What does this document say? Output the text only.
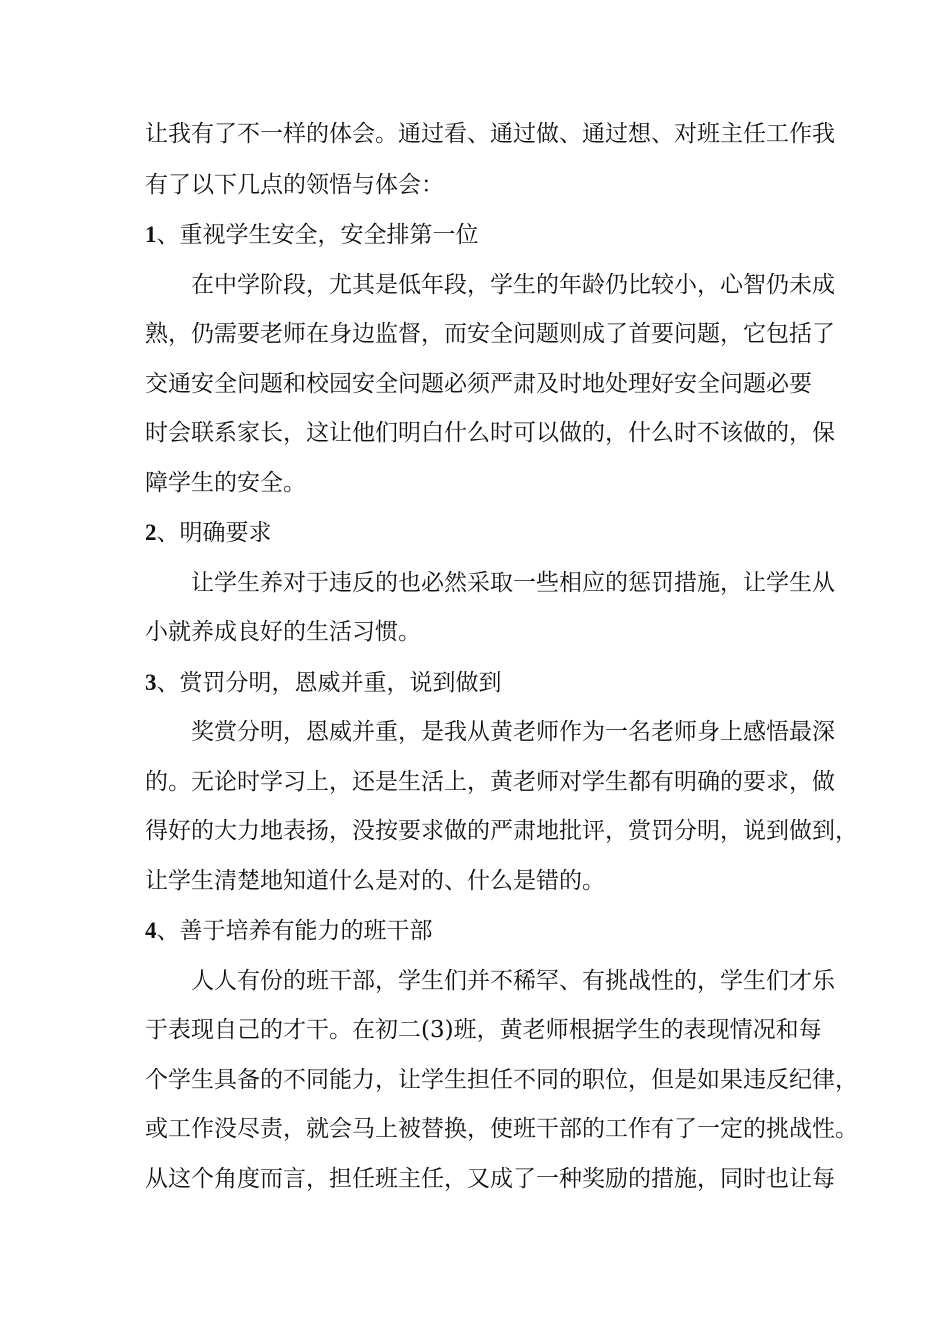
让我有了不一样的体会。通过看、通过做、通过想、对班主任工作我
有了以下几点的领悟与体会：
1、重视学生安全，安全排第一位
在中学阶段，尤其是低年段，学生的年龄仍比较小，心智仍未成
熟，仍需要老师在身边监督，而安全问题则成了首要问题，它包括了
交通安全问题和校园安全问题必须严肃及时地处理好安全问题必要
时会联系家长，这让他们明白什么时可以做的，什么时不该做的，保
障学生的安全。
2、明确要求
让学生养对于违反的也必然采取一些相应的惩罚措施，让学生从
小就养成良好的生活习惯。
3、赏罚分明，恩威并重，说到做到
奖赏分明，恩威并重，是我从黄老师作为一名老师身上感悟最深
的。无论时学习上，还是生活上，黄老师对学生都有明确的要求，做
得好的大力地表扬，没按要求做的严肃地批评，赏罚分明，说到做到，
让学生清楚地知道什么是对的、什么是错的。
4、善于培养有能力的班干部
人人有份的班干部，学生们并不稀罕、有挑战性的，学生们才乐
于表现自己的才干。在初二(3)班，黄老师根据学生的表现情况和每
个学生具备的不同能力，让学生担任不同的职位，但是如果违反纪律，
或工作没尽责，就会马上被替换，使班干部的工作有了一定的挑战性。
从这个角度而言，担任班主任，又成了一种奖励的措施，同时也让每
